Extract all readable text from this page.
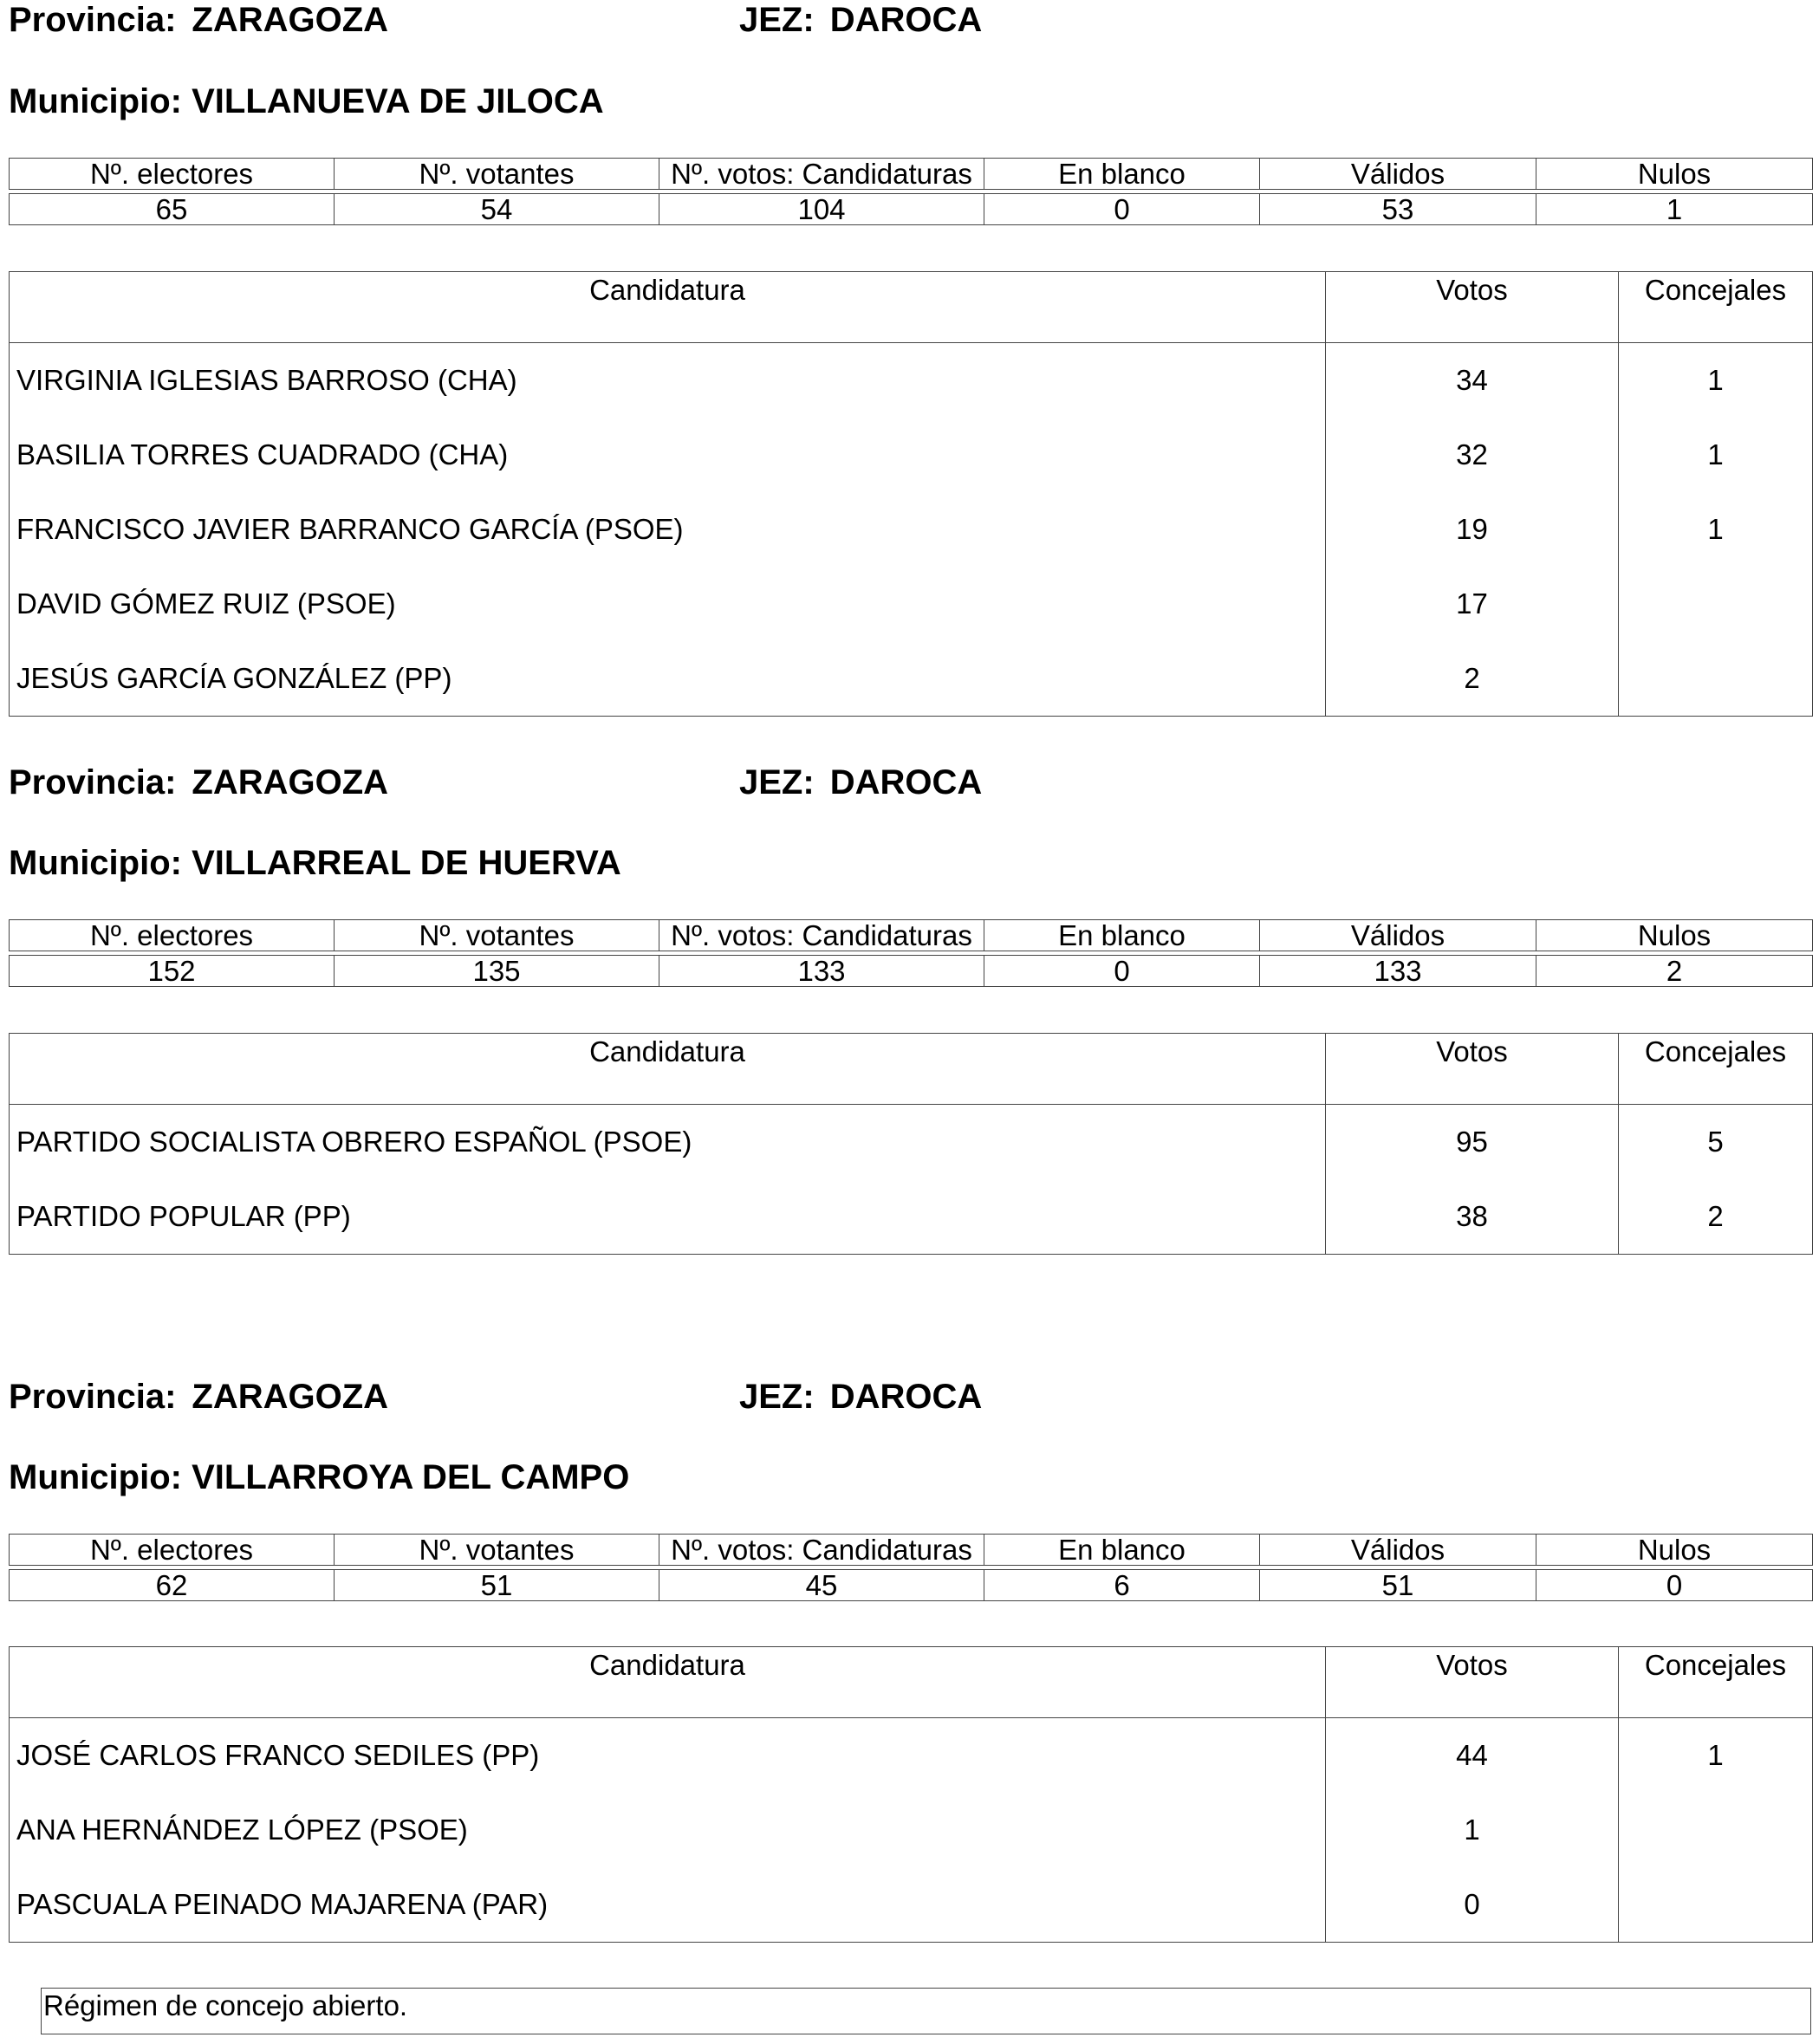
Provincia: ZARAGOZA	JEZ: DAROCA
Municipio: VILLANUEVA DE JILOCA
Nº. electores	Nº. votantes	Nº. votos: Candidaturas	En blanco	Válidos	Nulos

65	54	104	0	53	1
Candidatura	Votos	Concejales
VIRGINIA IGLESIAS BARROSO (CHA)	34	1
BASILIA TORRES CUADRADO (CHA)	32	1
FRANCISCO JAVIER BARRANCO GARCÍA (PSOE)	19	1
DAVID GÓMEZ RUIZ (PSOE)	17	
JESÚS GARCÍA GONZÁLEZ (PP)	2	
Provincia: ZARAGOZA	JEZ: DAROCA
Municipio: VILLARREAL DE HUERVA
Nº. electores	Nº. votantes	Nº. votos: Candidaturas	En blanco	Válidos	Nulos

152	135	133	0	133	2
Candidatura	Votos	Concejales
PARTIDO SOCIALISTA OBRERO ESPAÑOL (PSOE)	95	5
PARTIDO POPULAR (PP)	38	2
Provincia: ZARAGOZA	JEZ: DAROCA
Municipio: VILLARROYA DEL CAMPO
Nº. electores	Nº. votantes	Nº. votos: Candidaturas	En blanco	Válidos	Nulos

62	51	45	6	51	0
Candidatura	Votos	Concejales
JOSÉ CARLOS FRANCO SEDILES (PP)	44	1
ANA HERNÁNDEZ LÓPEZ (PSOE)	1	
PASCUALA PEINADO MAJARENA (PAR)	0	
Régimen de concejo abierto.
